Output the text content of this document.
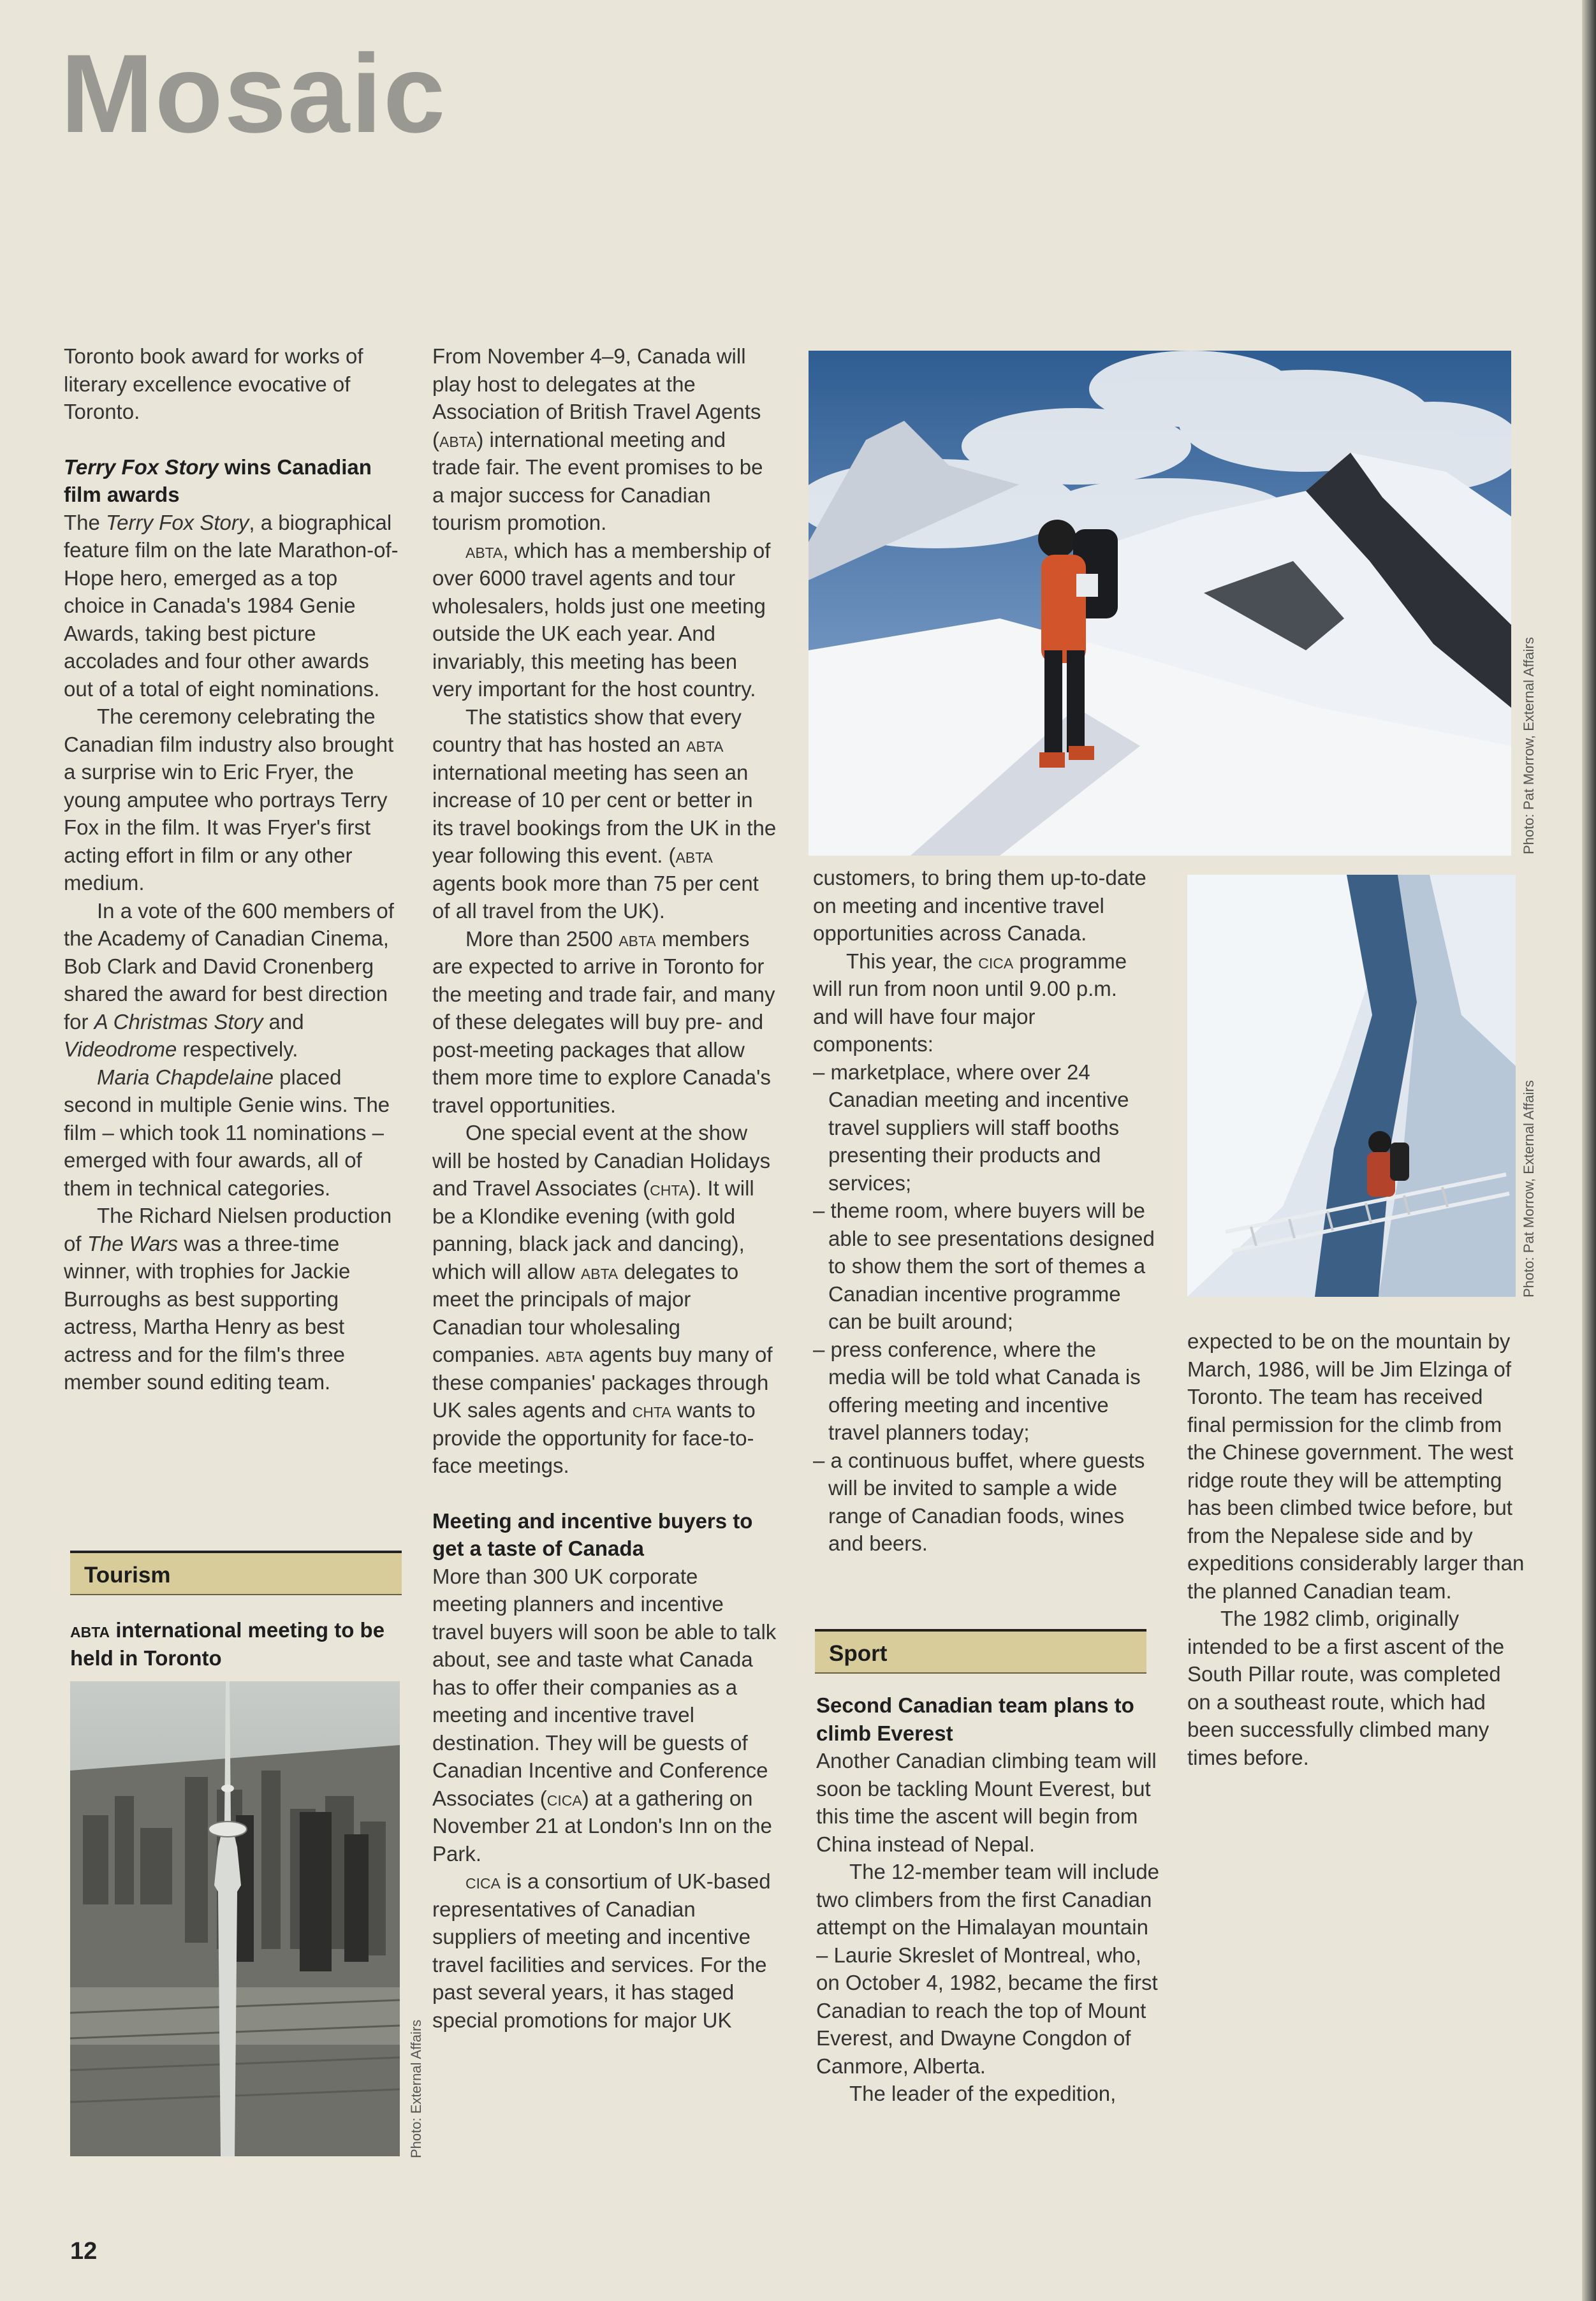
Mosaic

Toronto book award for works of literary excellence evocative of Toronto.

Terry Fox Story wins Canadian film awards

The Terry Fox Story, a biographical feature film on the late Marathon-of-Hope hero, emerged as a top choice in Canada's 1984 Genie Awards, taking best picture accolades and four other awards out of a total of eight nominations.

The ceremony celebrating the Canadian film industry also brought a surprise win to Eric Fryer, the young amputee who portrays Terry Fox in the film. It was Fryer's first acting effort in film or any other medium.

In a vote of the 600 members of the Academy of Canadian Cinema, Bob Clark and David Cronenberg shared the award for best direction for A Christmas Story and Videodrome respectively.

Maria Chapdelaine placed second in multiple Genie wins. The film – which took 11 nominations – emerged with four awards, all of them in technical categories.

The Richard Nielsen production of The Wars was a three-time winner, with trophies for Jackie Burroughs as best supporting actress, Martha Henry as best actress and for the film's three member sound editing team.

Tourism
abta international meeting to be held in Toronto
Photo: External Affairs

From November 4–9, Canada will play host to delegates at the Association of British Travel Agents (abta) international meeting and trade fair. The event promises to be a major success for Canadian tourism promotion.

abta, which has a membership of over 6000 travel agents and tour wholesalers, holds just one meeting outside the UK each year. And invariably, this meeting has been very important for the host country.

The statistics show that every country that has hosted an abta international meeting has seen an increase of 10 per cent or better in its travel bookings from the UK in the year following this event. (abta agents book more than 75 per cent of all travel from the UK).

More than 2500 abta members are expected to arrive in Toronto for the meeting and trade fair, and many of these delegates will buy pre- and post-meeting packages that allow them more time to explore Canada's travel opportunities.

One special event at the show will be hosted by Canadian Holidays and Travel Associates (chta). It will be a Klondike evening (with gold panning, black jack and dancing), which will allow abta delegates to meet the principals of major Canadian tour wholesaling companies. abta agents buy many of these companies' packages through UK sales agents and chta wants to provide the opportunity for face-to-face meetings.

Meeting and incentive buyers to get a taste of Canada

More than 300 UK corporate meeting planners and incentive travel buyers will soon be able to talk about, see and taste what Canada has to offer their companies as a meeting and incentive travel destination. They will be guests of Canadian Incentive and Conference Associates (cica) at a gathering on November 21 at London's Inn on the Park.

cica is a consortium of UK-based representatives of Canadian suppliers of meeting and incentive travel facilities and services. For the past several years, it has staged special promotions for major UK

Photo: Pat Morrow, External Affairs

customers, to bring them up-to-date on meeting and incentive travel opportunities across Canada.

This year, the cica programme will run from noon until 9.00 p.m. and will have four major components:

– marketplace, where over 24 Canadian meeting and incentive travel suppliers will staff booths presenting their products and services;
– theme room, where buyers will be able to see presentations designed to show them the sort of themes a Canadian incentive programme can be built around;
– press conference, where the media will be told what Canada is offering meeting and incentive travel planners today;
– a continuous buffet, where guests will be invited to sample a wide range of Canadian foods, wines and beers.
Sport
Second Canadian team plans to climb Everest

Another Canadian climbing team will soon be tackling Mount Everest, but this time the ascent will begin from China instead of Nepal.

The 12-member team will include two climbers from the first Canadian attempt on the Himalayan mountain – Laurie Skreslet of Montreal, who, on October 4, 1982, became the first Canadian to reach the top of Mount Everest, and Dwayne Congdon of Canmore, Alberta.

The leader of the expedition,

Photo: Pat Morrow, External Affairs

expected to be on the mountain by March, 1986, will be Jim Elzinga of Toronto. The team has received final permission for the climb from the Chinese government. The west ridge route they will be attempting has been climbed twice before, but from the Nepalese side and by expeditions considerably larger than the planned Canadian team.

The 1982 climb, originally intended to be a first ascent of the South Pillar route, was completed on a southeast route, which had been successfully climbed many times before.

12
